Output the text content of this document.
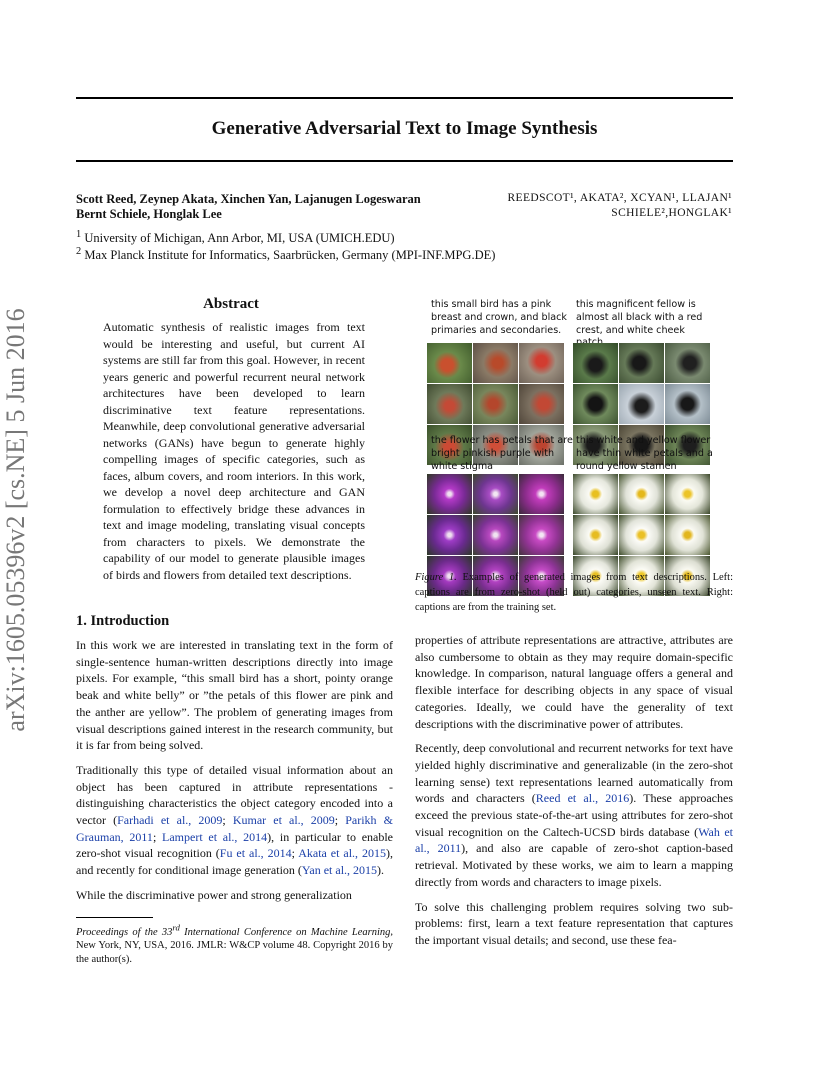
Generative Adversarial Text to Image Synthesis
Scott Reed, Zeynep Akata, Xinchen Yan, Lajanugen Logeswaran
Bernt Schiele, Honglak Lee
REEDSCOT¹, AKATA², XCYAN¹, LLAJAN¹
SCHIELE²,HONGLAK¹
$^1$ University of Michigan, Ann Arbor, MI, USA (UMICH.EDU)
$^2$ Max Planck Institute for Informatics, Saarbrücken, Germany (MPI-INF.MPG.DE)
arXiv:1605.05396v2 [cs.NE] 5 Jun 2016
Abstract
Automatic synthesis of realistic images from text would be interesting and useful, but current AI systems are still far from this goal. However, in recent years generic and powerful recurrent neural network architectures have been developed to learn discriminative text feature representations. Meanwhile, deep convolutional generative adversarial networks (GANs) have begun to generate highly compelling images of specific categories, such as faces, album covers, and room interiors. In this work, we develop a novel deep architecture and GAN formulation to effectively bridge these advances in text and image modeling, translating visual concepts from characters to pixels. We demonstrate the capability of our model to generate plausible images of birds and flowers from detailed text descriptions.
1. Introduction

In this work we are interested in translating text in the form of single-sentence human-written descriptions directly into image pixels. For example, “this small bird has a short, pointy orange beak and white belly” or ”the petals of this flower are pink and the anther are yellow”. The problem of generating images from visual descriptions gained interest in the research community, but it is far from being solved.

Traditionally this type of detailed visual information about an object has been captured in attribute representations - distinguishing characteristics the object category encoded into a vector (Farhadi et al., 2009; Kumar et al., 2009; Parikh & Grauman, 2011; Lampert et al., 2014), in particular to enable zero-shot visual recognition (Fu et al., 2014; Akata et al., 2015), and recently for conditional image generation (Yan et al., 2015).

While the discriminative power and strong generalization

Proceedings of the 33rd International Conference on Machine Learning, New York, NY, USA, 2016. JMLR: W&CP volume 48. Copyright 2016 by the author(s).

properties of attribute representations are attractive, attributes are also cumbersome to obtain as they may require domain-specific knowledge. In comparison, natural language offers a general and flexible interface for describing objects in any space of visual categories. Ideally, we could have the generality of text descriptions with the discriminative power of attributes.

Recently, deep convolutional and recurrent networks for text have yielded highly discriminative and generalizable (in the zero-shot learning sense) text representations learned automatically from words and characters (Reed et al., 2016). These approaches exceed the previous state-of-the-art using attributes for zero-shot visual recognition on the Caltech-UCSD birds database (Wah et al., 2011), and also are capable of zero-shot caption-based retrieval. Motivated by these works, we aim to learn a mapping directly from words and characters to image pixels.

To solve this challenging problem requires solving two sub-problems: first, learn a text feature representation that captures the important visual details; and second, use these fea-

this small bird has a pink breast and crown, and black primaries and secondaries.
this magnificent fellow is almost all black with a red crest, and white cheek
the flower has petals that are bright pinkish purple with white stigma
this white and yellow flower have thin white petals and a round yellow stamen
Figure 1. Examples of generated images from text descriptions. Left: captions are from zero-shot (held out) categories, unseen text. Right: captions are from the training set.
